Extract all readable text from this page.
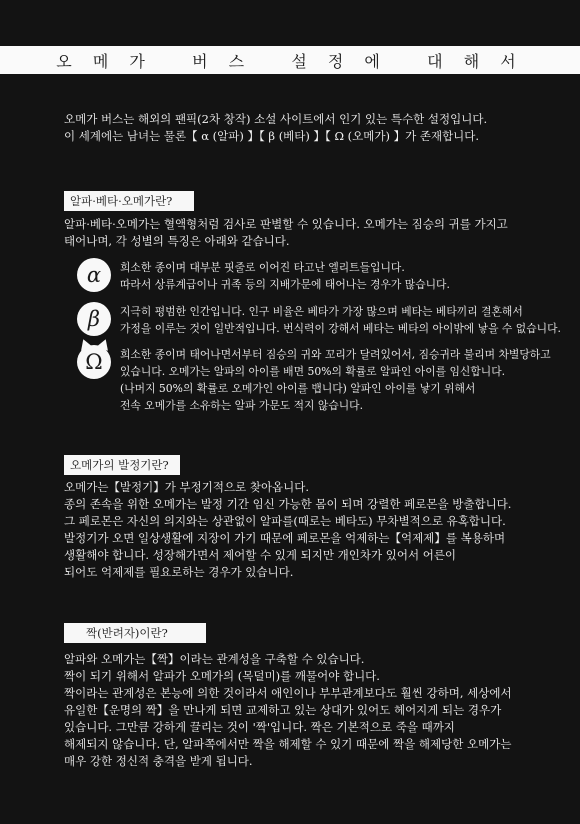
오 메 가   버 스   설 정 에   대 해 서
오메가 버스는 해외의 팬픽(2차 창작) 소설 사이트에서 인기 있는 특수한 설정입니다.
이 세계에는 남녀는 물론【 α (알파) 】【 β (베타) 】【 Ω (오메가) 】가 존재합니다.
알파·베타·오메가란?
알파·베타·오메가는 혈액형처럼 검사로 판별할 수 있습니다. 오메가는 짐승의 귀를 가지고
태어나며, 각 성별의 특징은 아래와 같습니다.
α 희소한 종이며 대부분 핏줄로 이어진 타고난 엘리트들입니다.
따라서 상류계급이나 귀족 등의 지배가문에 태어나는 경우가 많습니다.
β 지극히 평범한 인간입니다. 인구 비율은 베타가 가장 많으며 베타는 베타끼리 결혼해서
가정을 이루는 것이 일반적입니다. 번식력이 강해서 베타는 베타의 아이밖에 낳을 수 없습니다.
Ω 희소한 종이며 태어나면서부터 짐승의 귀와 꼬리가 달려있어서, 짐승귀라 불리며 차별당하고
있습니다. 오메가는 알파의 아이를 배면 50%의 확률로 알파인 아이를 임신합니다.
(나머지 50%의 확률로 오메가인 아이를 뱁니다) 알파인 아이를 낳기 위해서
전속 오메가를 소유하는 알파 가문도 적지 않습니다.
오메가의 발정기란?
오메가는【발정기】가 부정기적으로 찾아옵니다.
종의 존속을 위한 오메가는 발정 기간 임신 가능한 몸이 되며 강렬한 페로몬을 방출합니다.
그 페로몬은 자신의 의지와는 상관없이 알파를(때로는 베타도) 무차별적으로 유혹합니다.
발정기가 오면 일상생활에 지장이 가기 때문에 페로몬을 억제하는【억제제】를 복용하며
생활해야 합니다. 성장해가면서 제어할 수 있게 되지만 개인차가 있어서 어른이
되어도 억제제를 필요로하는 경우가 있습니다.
짝(반려자)이란?
알파와 오메가는【짝】이라는 관계성을 구축할 수 있습니다.
짝이 되기 위해서 알파가 오메가의 (목덜미)를 깨물어야 합니다.
짝이라는 관계성은 본능에 의한 것이라서 애인이나 부부관계보다도 훨씬 강하며, 세상에서
유일한【운명의 짝】을 만나게 되면 교제하고 있는 상대가 있어도 헤어지게 되는 경우가
있습니다. 그만큼 강하게 끌리는 것이 '짝'입니다. 짝은 기본적으로 죽을 때까지
해제되지 않습니다. 단, 알파쪽에서만 짝을 해제할 수 있기 때문에 짝을 해제당한 오메가는
매우 강한 정신적 충격을 받게 됩니다.
